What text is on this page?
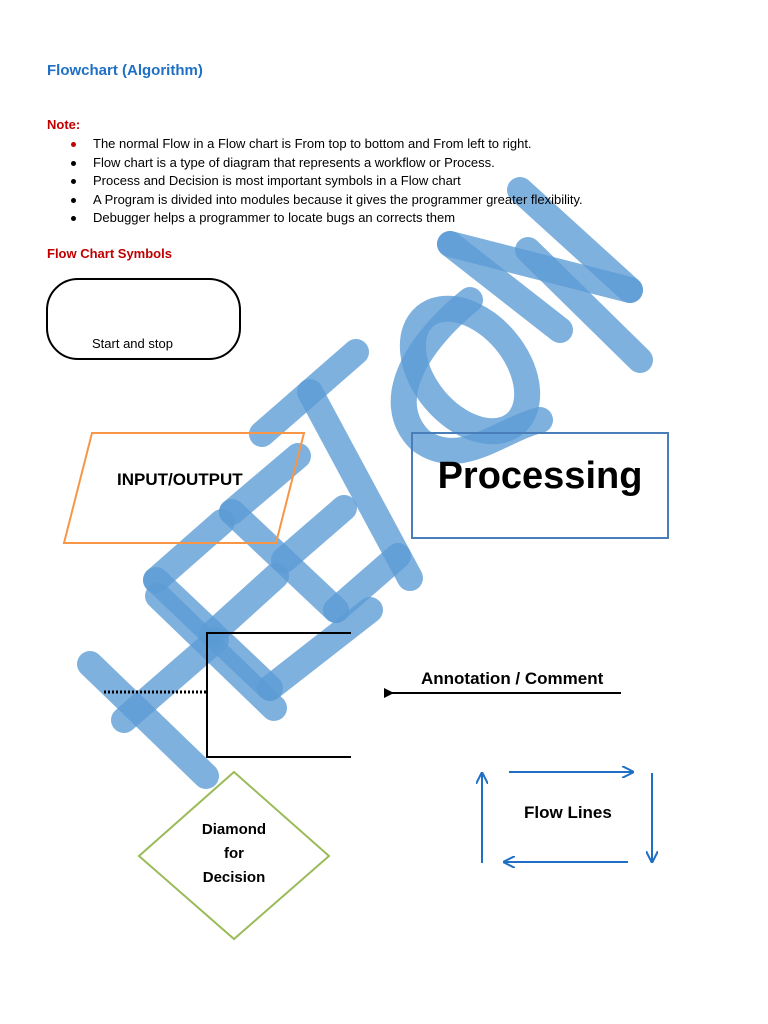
Flowchart (Algorithm)
Note:
The normal Flow in a Flow chart is From top to bottom and From left to right.
Flow chart is a type of diagram that represents a workflow or Process.
Process and Decision is most important symbols in a Flow chart
A Program is divided into modules because it gives the programmer greater flexibility.
Debugger helps a programmer to locate bugs an corrects them
Flow Chart Symbols
Start and stop
INPUT/OUTPUT	Processing
Annotation / Comment
Diamond
for
Decision
Flow Lines
